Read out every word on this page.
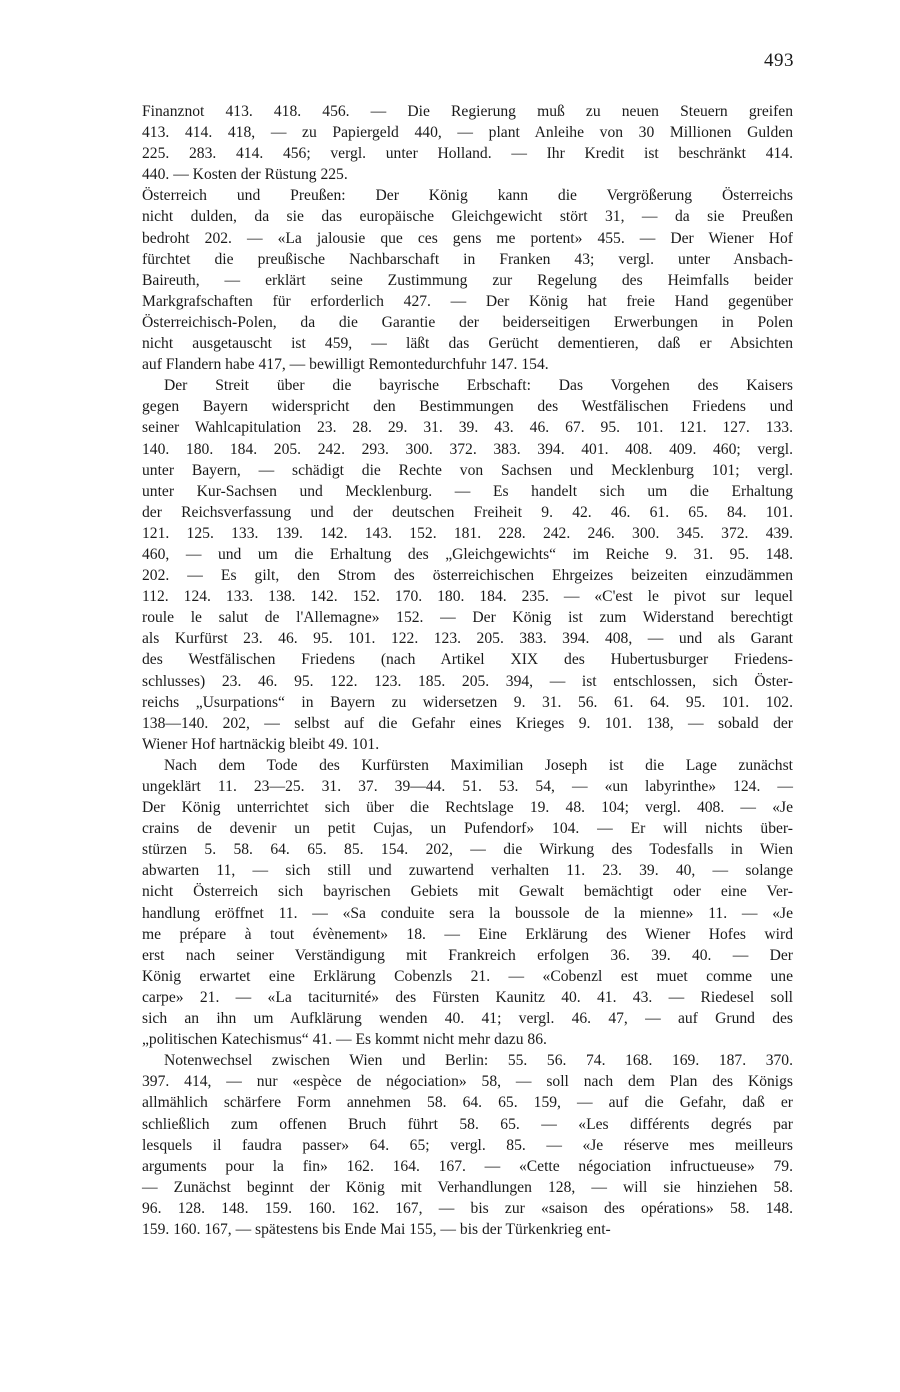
493
Finanznot 413. 418. 456. — Die Regierung muß zu neuen Steuern greifen
413. 414. 418, — zu Papiergeld 440, — plant Anleihe von 30 Millionen Gulden
225. 283. 414. 456; vergl. unter Holland. — Ihr Kredit ist beschränkt 414.
440. — Kosten der Rüstung 225.
Österreich und Preußen: Der König kann die Vergrößerung Österreichs
nicht dulden, da sie das europäische Gleichgewicht stört 31, — da sie Preußen
bedroht 202. — «La jalousie que ces gens me portent» 455. — Der Wiener Hof
fürchtet die preußische Nachbarschaft in Franken 43; vergl. unter Ansbach-
Baireuth, — erklärt seine Zustimmung zur Regelung des Heimfalls beider
Markgrafschaften für erforderlich 427. — Der König hat freie Hand gegenüber
Österreichisch-Polen, da die Garantie der beiderseitigen Erwerbungen in Polen
nicht ausgetauscht ist 459, — läßt das Gerücht dementieren, daß er Absichten
auf Flandern habe 417, — bewilligt Remontedurchfuhr 147. 154.
Der Streit über die bayrische Erbschaft: Das Vorgehen des Kaisers
gegen Bayern widerspricht den Bestimmungen des Westfälischen Friedens und
seiner Wahlcapitulation 23. 28. 29. 31. 39. 43. 46. 67. 95. 101. 121. 127. 133.
140. 180. 184. 205. 242. 293. 300. 372. 383. 394. 401. 408. 409. 460; vergl.
unter Bayern, — schädigt die Rechte von Sachsen und Mecklenburg 101; vergl.
unter Kur-Sachsen und Mecklenburg. — Es handelt sich um die Erhaltung
der Reichsverfassung und der deutschen Freiheit 9. 42. 46. 61. 65. 84. 101.
121. 125. 133. 139. 142. 143. 152. 181. 228. 242. 246. 300. 345. 372. 439.
460, — und um die Erhaltung des „Gleichgewichts“ im Reiche 9. 31. 95. 148.
202. — Es gilt, den Strom des österreichischen Ehrgeizes beizeiten einzudämmen
112. 124. 133. 138. 142. 152. 170. 180. 184. 235. — «C'est le pivot sur lequel
roule le salut de l'Allemagne» 152. — Der König ist zum Widerstand berechtigt
als Kurfürst 23. 46. 95. 101. 122. 123. 205. 383. 394. 408, — und als Garant
des Westfälischen Friedens (nach Artikel XIX des Hubertusburger Friedens-
schlusses) 23. 46. 95. 122. 123. 185. 205. 394, — ist entschlossen, sich Öster-
reichs „Usurpations“ in Bayern zu widersetzen 9. 31. 56. 61. 64. 95. 101. 102.
138—140. 202, — selbst auf die Gefahr eines Krieges 9. 101. 138, — sobald der
Wiener Hof hartnäckig bleibt 49. 101.
Nach dem Tode des Kurfürsten Maximilian Joseph ist die Lage zunächst
ungeklärt 11. 23—25. 31. 37. 39—44. 51. 53. 54, — «un labyrinthe» 124. —
Der König unterrichtet sich über die Rechtslage 19. 48. 104; vergl. 408. — «Je
crains de devenir un petit Cujas, un Pufendorf» 104. — Er will nichts über-
stürzen 5. 58. 64. 65. 85. 154. 202, — die Wirkung des Todesfalls in Wien
abwarten 11, — sich still und zuwartend verhalten 11. 23. 39. 40, — solange
nicht Österreich sich bayrischen Gebiets mit Gewalt bemächtigt oder eine Ver-
handlung eröffnet 11. — «Sa conduite sera la boussole de la mienne» 11. — «Je
me prépare à tout évènement» 18. — Eine Erklärung des Wiener Hofes wird
erst nach seiner Verständigung mit Frankreich erfolgen 36. 39. 40. — Der
König erwartet eine Erklärung Cobenzls 21. — «Cobenzl est muet comme une
carpe» 21. — «La taciturnité» des Fürsten Kaunitz 40. 41. 43. — Riedesel soll
sich an ihn um Aufklärung wenden 40. 41; vergl. 46. 47, — auf Grund des
„politischen Katechismus“ 41. — Es kommt nicht mehr dazu 86.
Notenwechsel zwischen Wien und Berlin: 55. 56. 74. 168. 169. 187. 370.
397. 414, — nur «espèce de négociation» 58, — soll nach dem Plan des Königs
allmählich schärfere Form annehmen 58. 64. 65. 159, — auf die Gefahr, daß er
schließlich zum offenen Bruch führt 58. 65. — «Les différents degrés par
lesquels il faudra passer» 64. 65; vergl. 85. — «Je réserve mes meilleurs
arguments pour la fin» 162. 164. 167. — «Cette négociation infructueuse» 79.
— Zunächst beginnt der König mit Verhandlungen 128, — will sie hinziehen 58.
96. 128. 148. 159. 160. 162. 167, — bis zur «saison des opérations» 58. 148.
159. 160. 167, — spätestens bis Ende Mai 155, — bis der Türkenkrieg ent-
